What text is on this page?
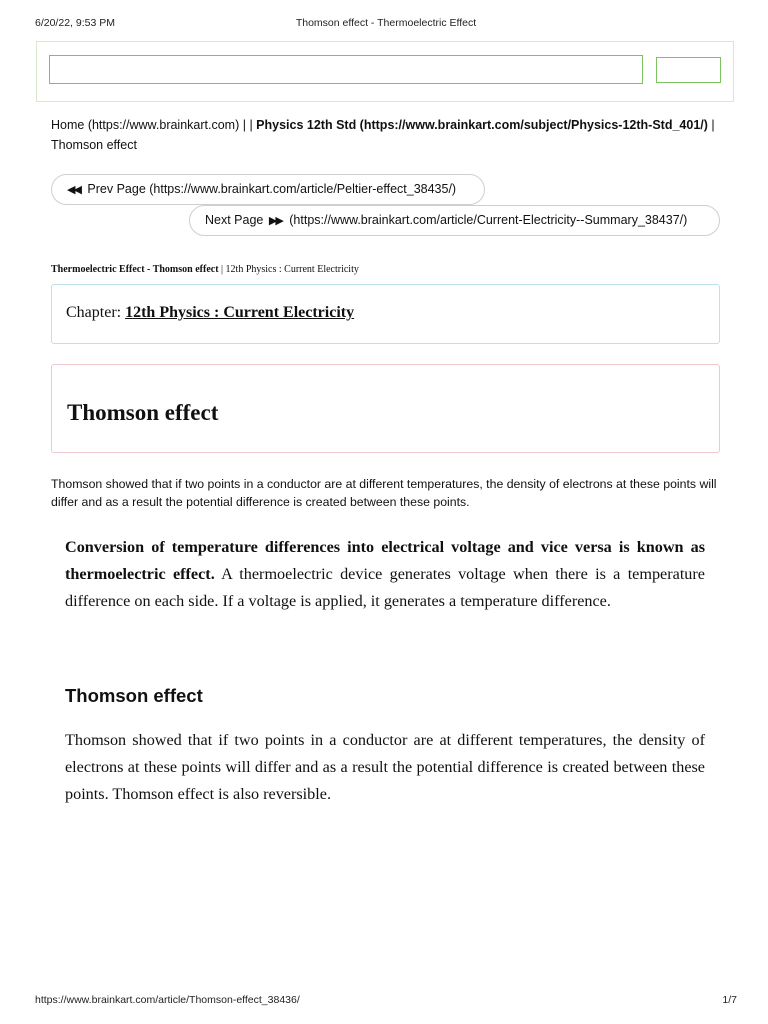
6/20/22, 9:53 PM	Thomson effect - Thermoelectric Effect
Home (https://www.brainkart.com) | | Physics 12th Std (https://www.brainkart.com/subject/Physics-12th-Std_401/) | Thomson effect
◀◀ Prev Page (https://www.brainkart.com/article/Peltier-effect_38435/)
Next Page ▶▶ (https://www.brainkart.com/article/Current-Electricity--Summary_38437/)
Thermoelectric Effect - Thomson effect | 12th Physics : Current Electricity
Chapter: 12th Physics : Current Electricity
Thomson effect

Thomson showed that if two points in a conductor are at different temperatures, the density of electrons at these points will differ and as a result the potential difference is created between these points.

Conversion of temperature differences into electrical voltage and vice versa is known as thermoelectric effect. A thermoelectric device generates voltage when there is a temperature difference on each side. If a voltage is applied, it generates a temperature difference.

Thomson effect

Thomson showed that if two points in a conductor are at different temperatures, the density of electrons at these points will differ and as a result the potential difference is created between these points. Thomson effect is also reversible.

https://www.brainkart.com/article/Thomson-effect_38436/	1/7
